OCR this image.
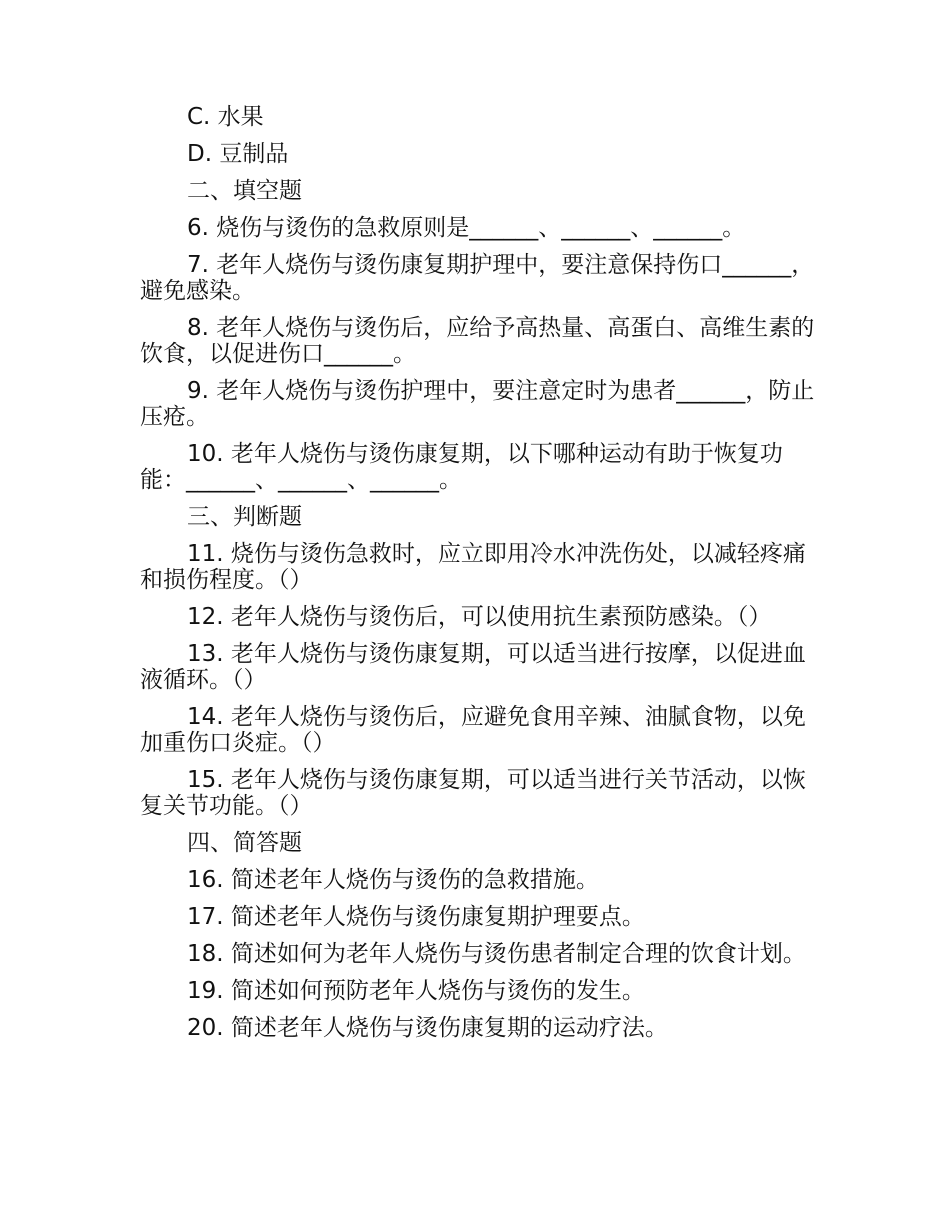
C. 水果

D. 豆制品

二、填空题

6. 烧伤与烫伤的急救原则是______、______、______。

7. 老年人烧伤与烫伤康复期护理中，要注意保持伤口______，避免感染。

8. 老年人烧伤与烫伤后，应给予高热量、高蛋白、高维生素的饮食，以促进伤口______。

9. 老年人烧伤与烫伤护理中，要注意定时为患者______，防止压疮。

10. 老年人烧伤与烫伤康复期，以下哪种运动有助于恢复功能：______、______、______。

三、判断题

11. 烧伤与烫伤急救时，应立即用冷水冲洗伤处，以减轻疼痛和损伤程度。（）

12. 老年人烧伤与烫伤后，可以使用抗生素预防感染。（）

13. 老年人烧伤与烫伤康复期，可以适当进行按摩，以促进血液循环。（）

14. 老年人烧伤与烫伤后，应避免食用辛辣、油腻食物，以免加重伤口炎症。（）

15. 老年人烧伤与烫伤康复期，可以适当进行关节活动，以恢复关节功能。（）

四、简答题

16. 简述老年人烧伤与烫伤的急救措施。

17. 简述老年人烧伤与烫伤康复期护理要点。

18. 简述如何为老年人烧伤与烫伤患者制定合理的饮食计划。

19. 简述如何预防老年人烧伤与烫伤的发生。

20. 简述老年人烧伤与烫伤康复期的运动疗法。
